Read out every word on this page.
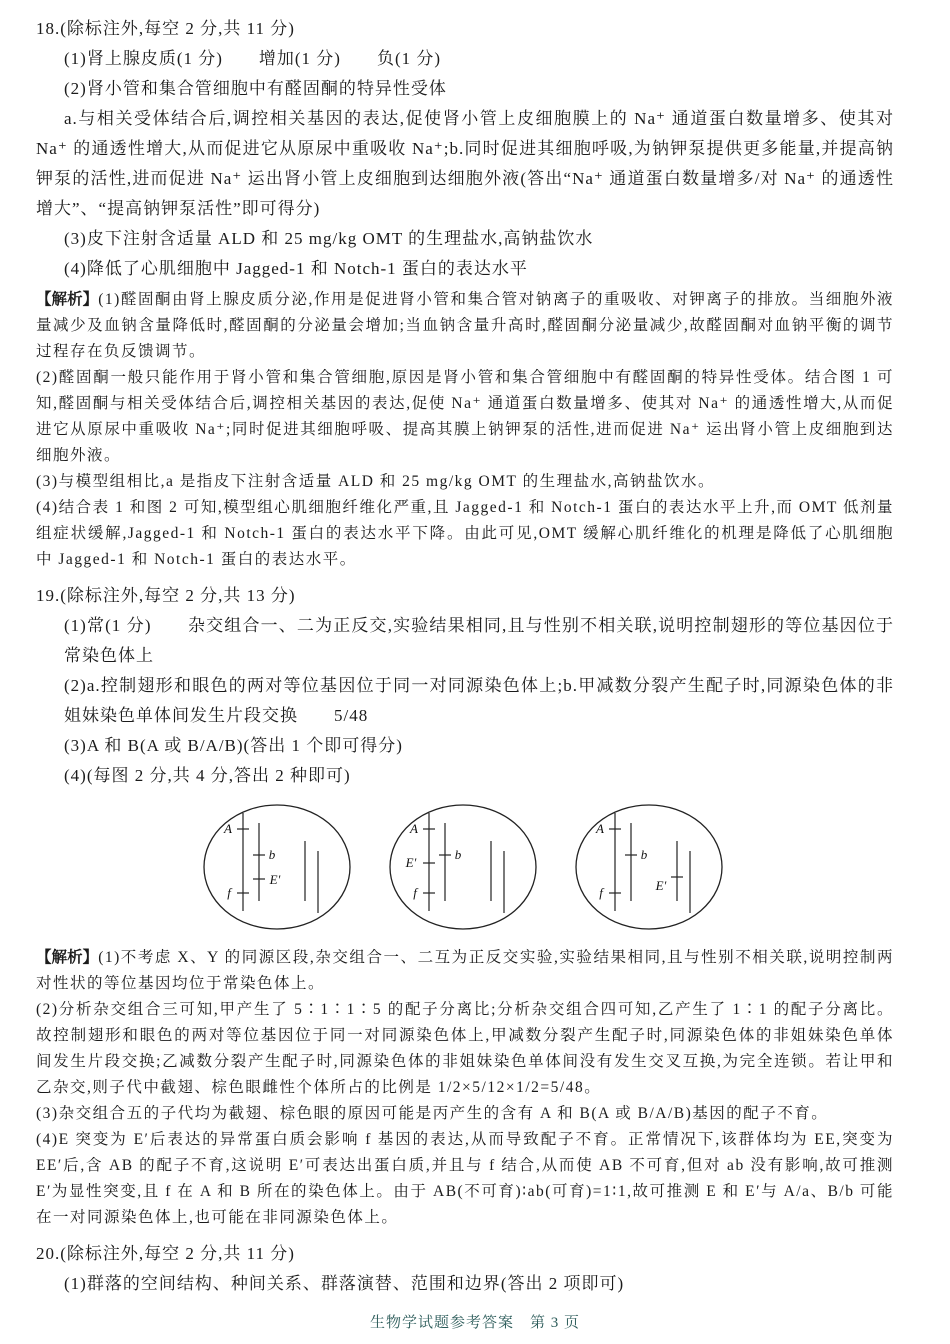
18.(除标注外,每空 2 分,共 11 分)

(1)肾上腺皮质(1 分)　　增加(1 分)　　负(1 分)

(2)肾小管和集合管细胞中有醛固酮的特异性受体

a.与相关受体结合后,调控相关基因的表达,促使肾小管上皮细胞膜上的 Na⁺ 通道蛋白数量增多、使其对 Na⁺ 的通透性增大,从而促进它从原尿中重吸收 Na⁺;b.同时促进其细胞呼吸,为钠钾泵提供更多能量,并提高钠钾泵的活性,进而促进 Na⁺ 运出肾小管上皮细胞到达细胞外液(答出“Na⁺ 通道蛋白数量增多/对 Na⁺ 的通透性增大”、“提高钠钾泵活性”即可得分)

(3)皮下注射含适量 ALD 和 25 mg/kg OMT 的生理盐水,高钠盐饮水

(4)降低了心肌细胞中 Jagged-1 和 Notch-1 蛋白的表达水平

【解析】(1)醛固酮由肾上腺皮质分泌,作用是促进肾小管和集合管对钠离子的重吸收、对钾离子的排放。当细胞外液量减少及血钠含量降低时,醛固酮的分泌量会增加;当血钠含量升高时,醛固酮分泌量减少,故醛固酮对血钠平衡的调节过程存在负反馈调节。

(2)醛固酮一般只能作用于肾小管和集合管细胞,原因是肾小管和集合管细胞中有醛固酮的特异性受体。结合图 1 可知,醛固酮与相关受体结合后,调控相关基因的表达,促使 Na⁺ 通道蛋白数量增多、使其对 Na⁺ 的通透性增大,从而促进它从原尿中重吸收 Na⁺;同时促进其细胞呼吸、提高其膜上钠钾泵的活性,进而促进 Na⁺ 运出肾小管上皮细胞到达细胞外液。

(3)与模型组相比,a 是指皮下注射含适量 ALD 和 25 mg/kg OMT 的生理盐水,高钠盐饮水。

(4)结合表 1 和图 2 可知,模型组心肌细胞纤维化严重,且 Jagged-1 和 Notch-1 蛋白的表达水平上升,而 OMT 低剂量组症状缓解,Jagged-1 和 Notch-1 蛋白的表达水平下降。由此可见,OMT 缓解心肌纤维化的机理是降低了心肌细胞中 Jagged-1 和 Notch-1 蛋白的表达水平。

19.(除标注外,每空 2 分,共 13 分)

(1)常(1 分)　　杂交组合一、二为正反交,实验结果相同,且与性别不相关联,说明控制翅形的等位基因位于常染色体上

(2)a.控制翅形和眼色的两对等位基因位于同一对同源染色体上;b.甲减数分裂产生配子时,同源染色体的非姐妹染色单体间发生片段交换　　5/48

(3)A 和 B(A 或 B/A/B)(答出 1 个即可得分)

(4)(每图 2 分,共 4 分,答出 2 种即可)

A
b
E′
f
A
b
E′
f
A
b
E′
f

【解析】(1)不考虑 X、Y 的同源区段,杂交组合一、二互为正反交实验,实验结果相同,且与性别不相关联,说明控制两对性状的等位基因均位于常染色体上。

(2)分析杂交组合三可知,甲产生了 5∶1∶1∶5 的配子分离比;分析杂交组合四可知,乙产生了 1∶1 的配子分离比。故控制翅形和眼色的两对等位基因位于同一对同源染色体上,甲减数分裂产生配子时,同源染色体的非姐妹染色单体间发生片段交换;乙减数分裂产生配子时,同源染色体的非姐妹染色单体间没有发生交叉互换,为完全连锁。若让甲和乙杂交,则子代中截翅、棕色眼雌性个体所占的比例是 1/2×5/12×1/2=5/48。

(3)杂交组合五的子代均为截翅、棕色眼的原因可能是丙产生的含有 A 和 B(A 或 B/A/B)基因的配子不育。

(4)E 突变为 E′后表达的异常蛋白质会影响 f 基因的表达,从而导致配子不育。正常情况下,该群体均为 EE,突变为 EE′后,含 AB 的配子不育,这说明 E′可表达出蛋白质,并且与 f 结合,从而使 AB 不可育,但对 ab 没有影响,故可推测 E′为显性突变,且 f 在 A 和 B 所在的染色体上。由于 AB(不可育)∶ab(可育)=1∶1,故可推测 E 和 E′与 A/a、B/b 可能在一对同源染色体上,也可能在非同源染色体上。

20.(除标注外,每空 2 分,共 11 分)

(1)群落的空间结构、种间关系、群落演替、范围和边界(答出 2 项即可)

生物学试题参考答案　第 3 页
